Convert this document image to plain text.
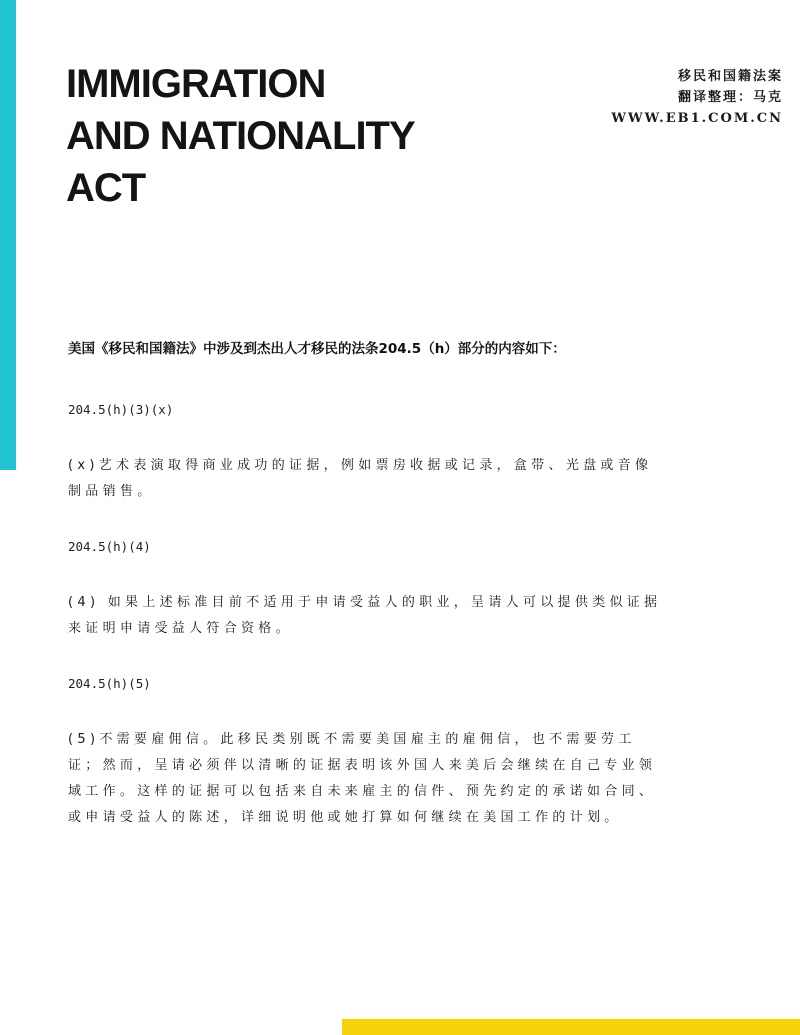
IMMIGRATION
AND NATIONALITY
ACT
移民和国籍法案
翻译整理：马克
WWW.EB1.COM.CN

美国《移民和国籍法》中涉及到杰出人才移民的法条204.5（h）部分的内容如下：

204.5(h)(3)(x)
(x)艺术表演取得商业成功的证据，例如票房收据或记录，盒带、光盘或音像制品销售。
204.5(h)(4)
(4) 如果上述标准目前不适用于申请受益人的职业，呈请人可以提供类似证据来证明申请受益人符合资格。
204.5(h)(5)
(5)不需要雇佣信。此移民类别既不需要美国雇主的雇佣信，也不需要劳工证；然而，呈请必须伴以清晰的证据表明该外国人来美后会继续在自己专业领域工作。这样的证据可以包括来自未来雇主的信件、预先约定的承诺如合同、或申请受益人的陈述，详细说明他或她打算如何继续在美国工作的计划。
